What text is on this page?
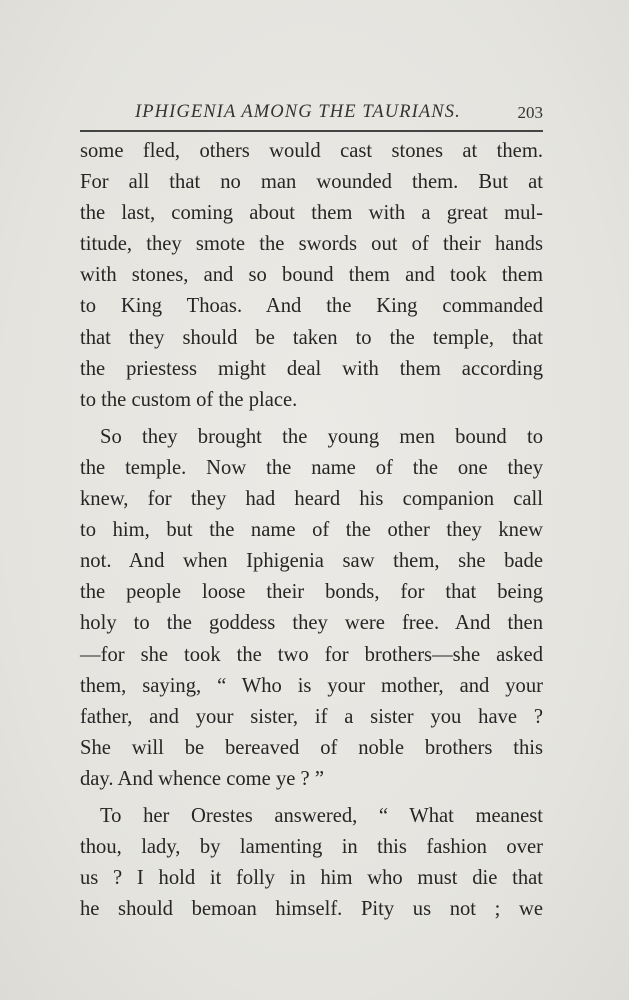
IPHIGENIA AMONG THE TAURIANS.	203
some fled, others would cast stones at them.
For all that no man wounded them. But at
the last, coming about them with a great mul-
titude, they smote the swords out of their hands
with stones, and so bound them and took them
to King Thoas. And the King commanded
that they should be taken to the temple, that
the priestess might deal with them according
to the custom of the place.
So they brought the young men bound to
the temple. Now the name of the one they
knew, for they had heard his companion call
to him, but the name of the other they knew
not. And when Iphigenia saw them, she bade
the people loose their bonds, for that being
holy to the goddess they were free. And then
—for she took the two for brothers—she asked
them, saying, “ Who is your mother, and your
father, and your sister, if a sister you have ?
She will be bereaved of noble brothers this
day. And whence come ye ? ”
To her Orestes answered, “ What meanest
thou, lady, by lamenting in this fashion over
us ? I hold it folly in him who must die that
he should bemoan himself. Pity us not ; we
